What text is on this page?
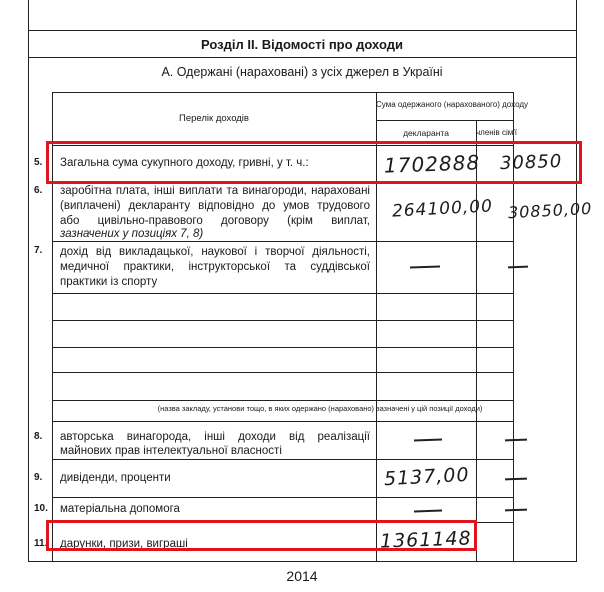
Розділ II. Відомості про доходи
А. Одержані (нараховані) з усіх джерел в Україні
Перелік доходів
Сума одержаного (нарахованого) доходу
декларанта	членів сім'ї
5. Загальна сума сукупного доходу, гривні, у т. ч.:	1702888 30850
6. заробітна плата, інші виплати та винагороди, нараховані
(виплачені) декларанту відповідно до умов трудового
або цивільно-правового договору (крім виплат,
зазначених у позиціях 7, 8)
264100,00 30850,00
7. дохід від викладацької, наукової і творчої діяльності,
медичної практики, інструкторської та суддівської
практики із спорту
(назва закладу, установи тощо, в яких одержано (нараховано) зазначені у цій позиції доходи)
8. авторська винагорода, інші доходи від реалізації
майнових прав інтелектуальної власності
9. дивіденди, проценти	5137,00
10. матеріальна допомога
11. дарунки, призи, виграші	1361148
2014
